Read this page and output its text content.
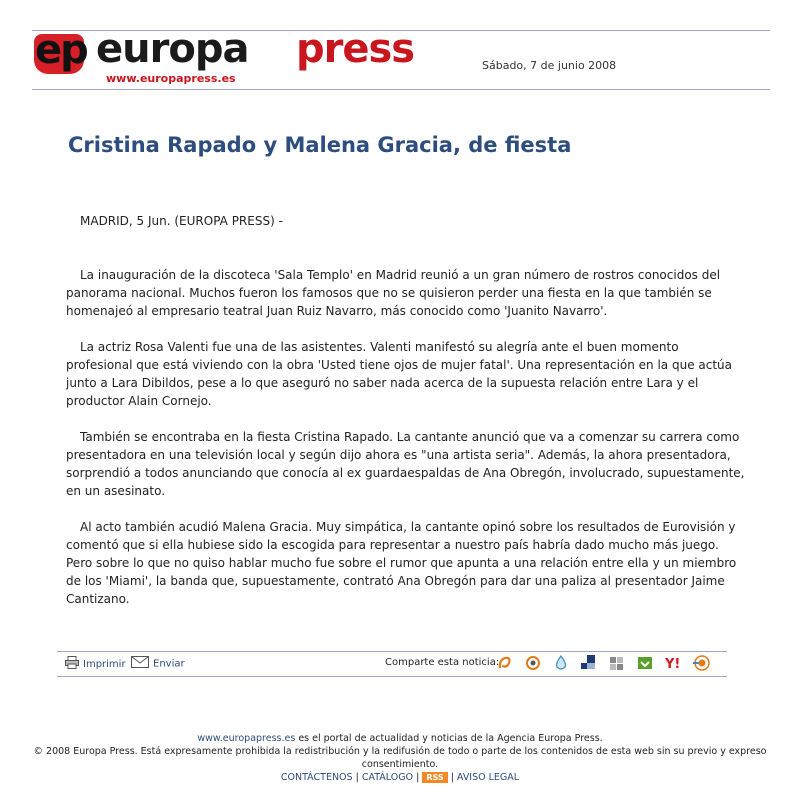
ep europa press
www.europapress.es
Sábado, 7 de junio 2008
Cristina Rapado y Malena Gracia, de fiesta

MADRID, 5 Jun. (EUROPA PRESS) -

La inauguración de la discoteca 'Sala Templo' en Madrid reunió a un gran número de rostros conocidos del panorama nacional. Muchos fueron los famosos que no se quisieron perder una fiesta en la que también se homenajeó al empresario teatral Juan Ruiz Navarro, más conocido como 'Juanito Navarro'.

La actriz Rosa Valenti fue una de las asistentes. Valenti manifestó su alegría ante el buen momento profesional que está viviendo con la obra 'Usted tiene ojos de mujer fatal'. Una representación en la que actúa junto a Lara Dibildos, pese a lo que aseguró no saber nada acerca de la supuesta relación entre Lara y el productor Alain Cornejo.

También se encontraba en la fiesta Cristina Rapado. La cantante anunció que va a comenzar su carrera como presentadora en una televisión local y según dijo ahora es "una artista seria". Además, la ahora presentadora, sorprendió a todos anunciando que conocía al ex guardaespaldas de Ana Obregón, involucrado, supuestamente, en un asesinato.

Al acto también acudió Malena Gracia. Muy simpática, la cantante opinó sobre los resultados de Eurovisión y comentó que si ella hubiese sido la escogida para representar a nuestro país habría dado mucho más juego. Pero sobre lo que no quiso hablar mucho fue sobre el rumor que apunta a una relación entre ella y un miembro de los 'Miami', la banda que, supuestamente, contrató Ana Obregón para dar una paliza al presentador Jaime Cantizano.

Imprimir	Enviar	Comparte esta noticia:	Y!
www.europapress.es es el portal de actualidad y noticias de la Agencia Europa Press.
© 2008 Europa Press. Está expresamente prohibida la redistribución y la redifusión de todo o parte de los contenidos de esta web sin su previo y expreso consentimiento.
CONTÁCTENOS | CATÁLOGO | RSS | AVISO LEGAL
